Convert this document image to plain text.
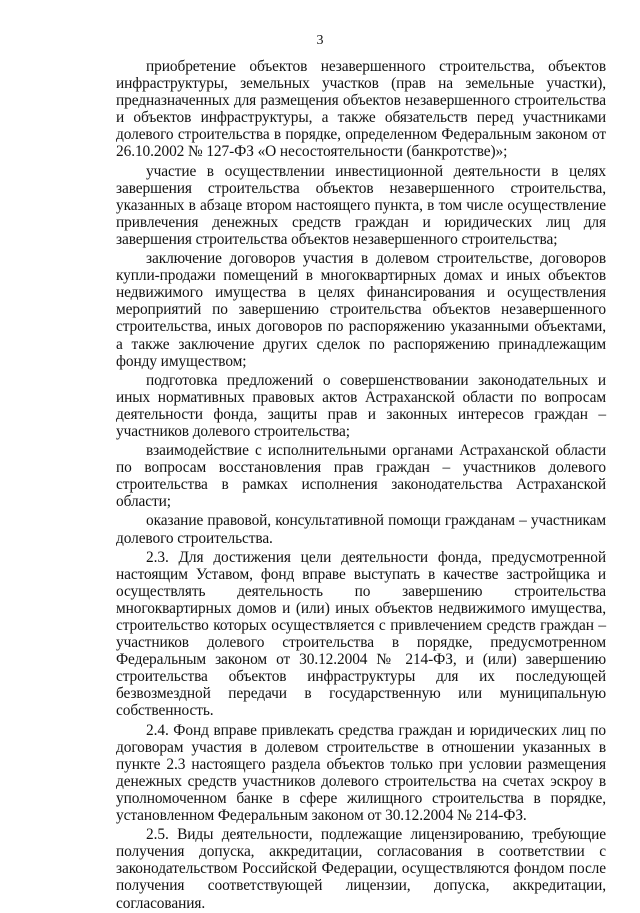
3

приобретение объектов незавершенного строительства, объектов инфраструктуры, земельных участков (прав на земельные участки), предназначенных для размещения объектов незавершенного строительства и объектов инфраструктуры, а также обязательств перед участниками долевого строительства в порядке, определенном Федеральным законом от 26.10.2002 № 127-ФЗ «О несостоятельности (банкротстве)»;

участие в осуществлении инвестиционной деятельности в целях завершения строительства объектов незавершенного строительства, указанных в абзаце втором настоящего пункта, в том числе осуществление привлечения денежных средств граждан и юридических лиц для завершения строительства объектов незавершенного строительства;

заключение договоров участия в долевом строительстве, договоров купли-продажи помещений в многоквартирных домах и иных объектов недвижимого имущества в целях финансирования и осуществления мероприятий по завершению строительства объектов незавершенного строительства, иных договоров по распоряжению указанными объектами, а также заключение других сделок по распоряжению принадлежащим фонду имуществом;

подготовка предложений о совершенствовании законодательных и иных нормативных правовых актов Астраханской области по вопросам деятельности фонда, защиты прав и законных интересов граждан – участников долевого строительства;

взаимодействие с исполнительными органами Астраханской области по вопросам восстановления прав граждан – участников долевого строительства в рамках исполнения законодательства Астраханской области;

оказание правовой, консультативной помощи гражданам – участникам долевого строительства.

2.3. Для достижения цели деятельности фонда, предусмотренной настоящим Уставом, фонд вправе выступать в качестве застройщика и осуществлять деятельность по завершению строительства многоквартирных домов и (или) иных объектов недвижимого имущества, строительство которых осуществляется с привлечением средств граждан – участников долевого строительства в порядке, предусмотренном Федеральным законом от 30.12.2004 № 214-ФЗ, и (или) завершению строительства объектов инфраструктуры для их последующей безвозмездной передачи в государственную или муниципальную собственность.

2.4. Фонд вправе привлекать средства граждан и юридических лиц по договорам участия в долевом строительстве в отношении указанных в пункте 2.3 настоящего раздела объектов только при условии размещения денежных средств участников долевого строительства на счетах эскроу в уполномоченном банке в сфере жилищного строительства в порядке, установленном Федеральным законом от 30.12.2004 № 214-ФЗ.

2.5. Виды деятельности, подлежащие лицензированию, требующие получения допуска, аккредитации, согласования в соответствии с законодательством Российской Федерации, осуществляются фондом после получения соответствующей лицензии, допуска, аккредитации, согласования.
